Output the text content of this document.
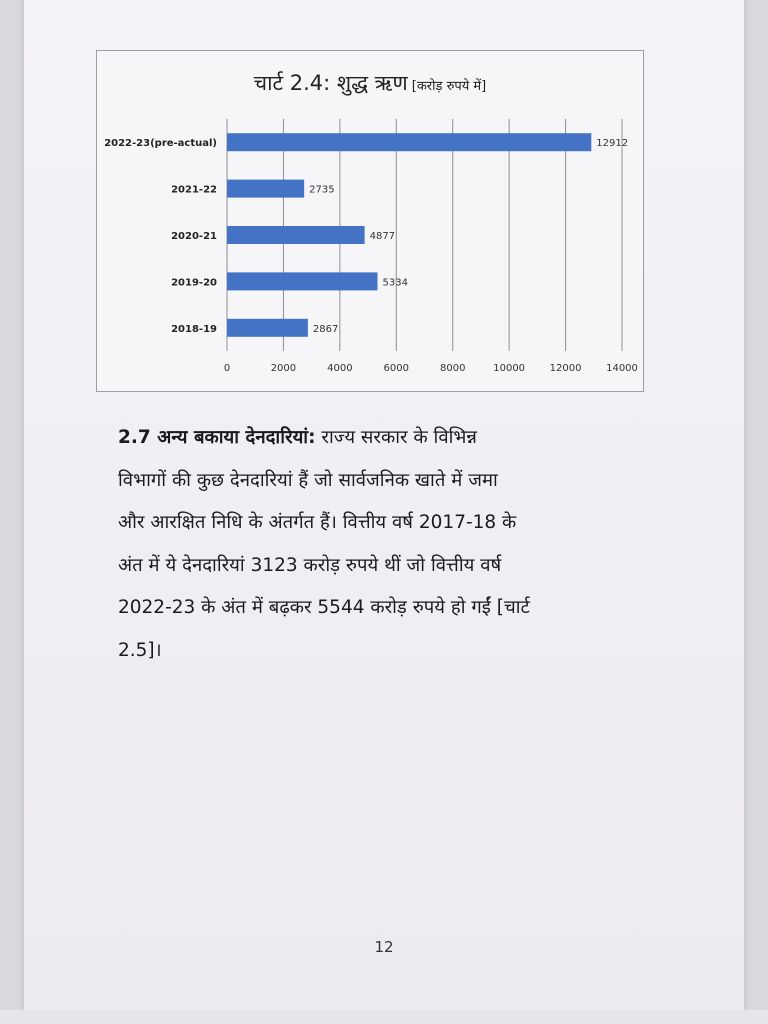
चार्ट 2.4: शुद्ध ऋण [करोड़ रुपये में]
0	2000	4000	6000	8000	10000 12000 14000
2022-23(pre-actual)	12912
2021-22	2735
2020-21	4877
2019-20	5334
2018-19	2867
2.7 अन्य बकाया देनदारियां: राज्य सरकार के विभिन्न
विभागों की कुछ देनदारियां हैं जो सार्वजनिक खाते में जमा
और आरक्षित निधि के अंतर्गत हैं। वित्तीय वर्ष 2017-18 के
अंत में ये देनदारियां 3123 करोड़ रुपये थीं जो वित्तीय वर्ष
2022-23 के अंत में बढ़कर 5544 करोड़ रुपये हो गईं [चार्ट
2.5]।
12
